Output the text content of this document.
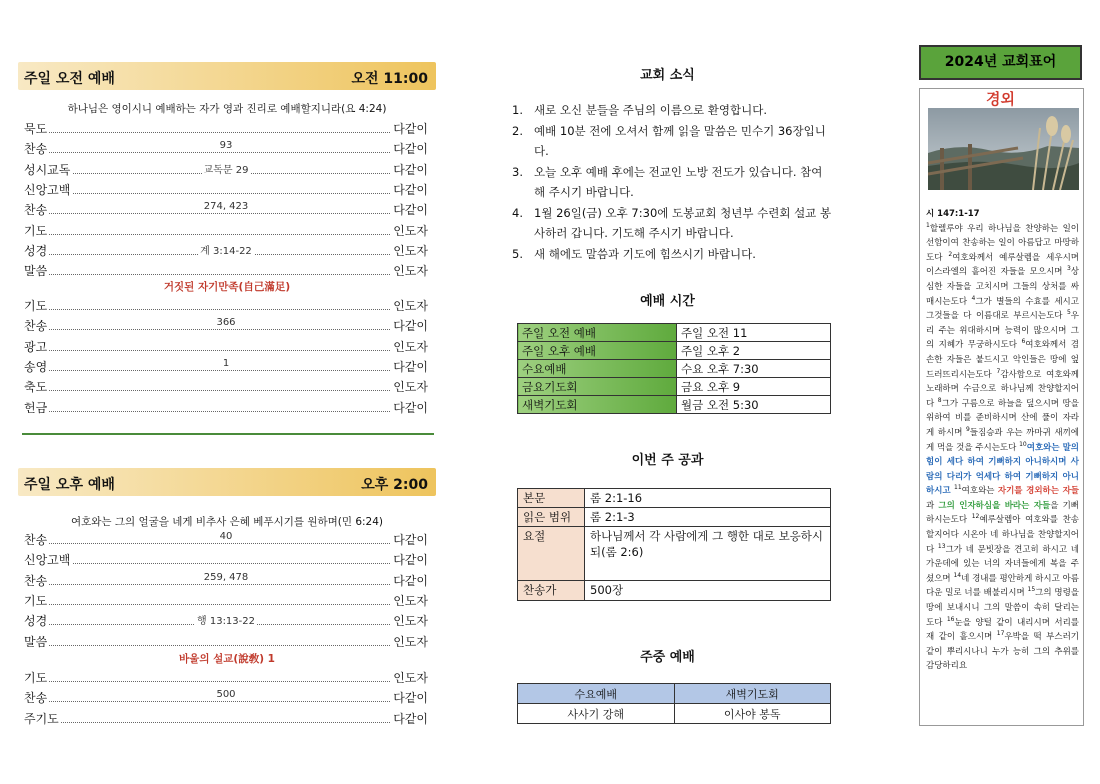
주일 오전 예배	오전 11:00
하나님은 영이시니 예배하는 자가 영과 진리로 예배할지니라(요 4:24)
묵도	다같이
찬송	93	다같이
성시교독	교독문 29	다같이
신앙고백	다같이
찬송	274, 423	다같이
기도	인도자
성경	계 3:14-22	인도자
말씀	인도자
거짓된 자기만족(自己滿足)
기도	인도자
찬송	366	다같이
광고	인도자
송영	1	다같이
축도	인도자
헌금	다같이
주일 오후 예배	오후 2:00
여호와는 그의 얼굴을 네게 비추사 은혜 베푸시기를 원하며(민 6:24)
찬송	40	다같이
신앙고백	다같이
찬송	259, 478	다같이
기도	인도자
성경	행 13:13-22	인도자
말씀	인도자
바울의 설교(說敎) 1
기도	인도자
찬송	500	다같이
주기도	다같이
교회 소식
1. 새로 오신 분들을 주님의 이름으로 환영합니다.
2. 예배 10분 전에 오셔서 함께 읽을 말씀은 민수기 36장입니다.
3. 오늘 오후 예배 후에는 전교인 노방 전도가 있습니다. 참여해 주시기 바랍니다.
4. 1월 26일(금) 오후 7:30에 도봉교회 청년부 수련회 설교 봉사하러 갑니다. 기도해 주시기 바랍니다.
5. 새 해에도 말씀과 기도에 힘쓰시기 바랍니다.
예배 시간
주일 오전 예배	주일 오전 11
주일 오후 예배	주일 오후 2
수요예배	수요 오후 7:30
금요기도회	금요 오후 9
새벽기도회	월금 오전 5:30
이번 주 공과
본문	롬 2:1-16
읽은 범위	롬 2:1-3
요절	하나님께서 각 사람에게 그 행한 대로 보응하시되(롬 2:6)
찬송가	500장
주중 예배
수요예배	새벽기도회
사사기 강해	이사야 봉독
2024년 교회표어
경외
시 147:1-17
$^1$할렐루야 우리 하나님을 찬양하는 일이 선함이여 찬송하는 일이 아름답고 마땅하도다 $^2$여호와께서 예루살렘을 세우시며 이스라엘의 흩어진 자들을 모으시며 $^3$상심한 자들을 고치시며 그들의 상처를 싸매시는도다 $^4$그가 별들의 수효를 세시고 그것들을 다 이름대로 부르시는도다 $^5$우리 주는 위대하시며 능력이 많으시며 그의 지혜가 무궁하시도다 $^6$여호와께서 겸손한 자들은 붙드시고 악인들은 땅에 엎드러뜨리시는도다 $^7$감사함으로 여호와께 노래하며 수금으로 하나님께 찬양할지어다 $^8$그가 구름으로 하늘을 덮으시며 땅을 위하여 비를 준비하시며 산에 풀이 자라게 하시며 $^9$들짐승과 우는 까마귀 새끼에게 먹을 것을 주시는도다 $^{10}$여호와는 말의 힘이 세다 하여 기뻐하지 아니하시며 사람의 다리가 억세다 하여 기뻐하지 아니하시고 $^{11}$여호와는 자기를 경외하는 자들과 그의 인자하심을 바라는 자들을 기뻐하시는도다 $^{12}$예루살렘아 여호와를 찬송할지어다 시온아 네 하나님을 찬양할지어다 $^{13}$그가 네 문빗장을 견고히 하시고 네 가운데에 있는 너의 자녀들에게 복을 주셨으며 $^{14}$네 경내를 평안하게 하시고 아름다운 밀로 너를 배불리시며 $^{15}$그의 명령을 땅에 보내시니 그의 말씀이 속히 달리는도다 $^{16}$눈을 양털 같이 내리시며 서리를 재 같이 흩으시며 $^{17}$우박을 떡 부스러기 같이 뿌리시나니 누가 능히 그의 추위를 감당하리요
